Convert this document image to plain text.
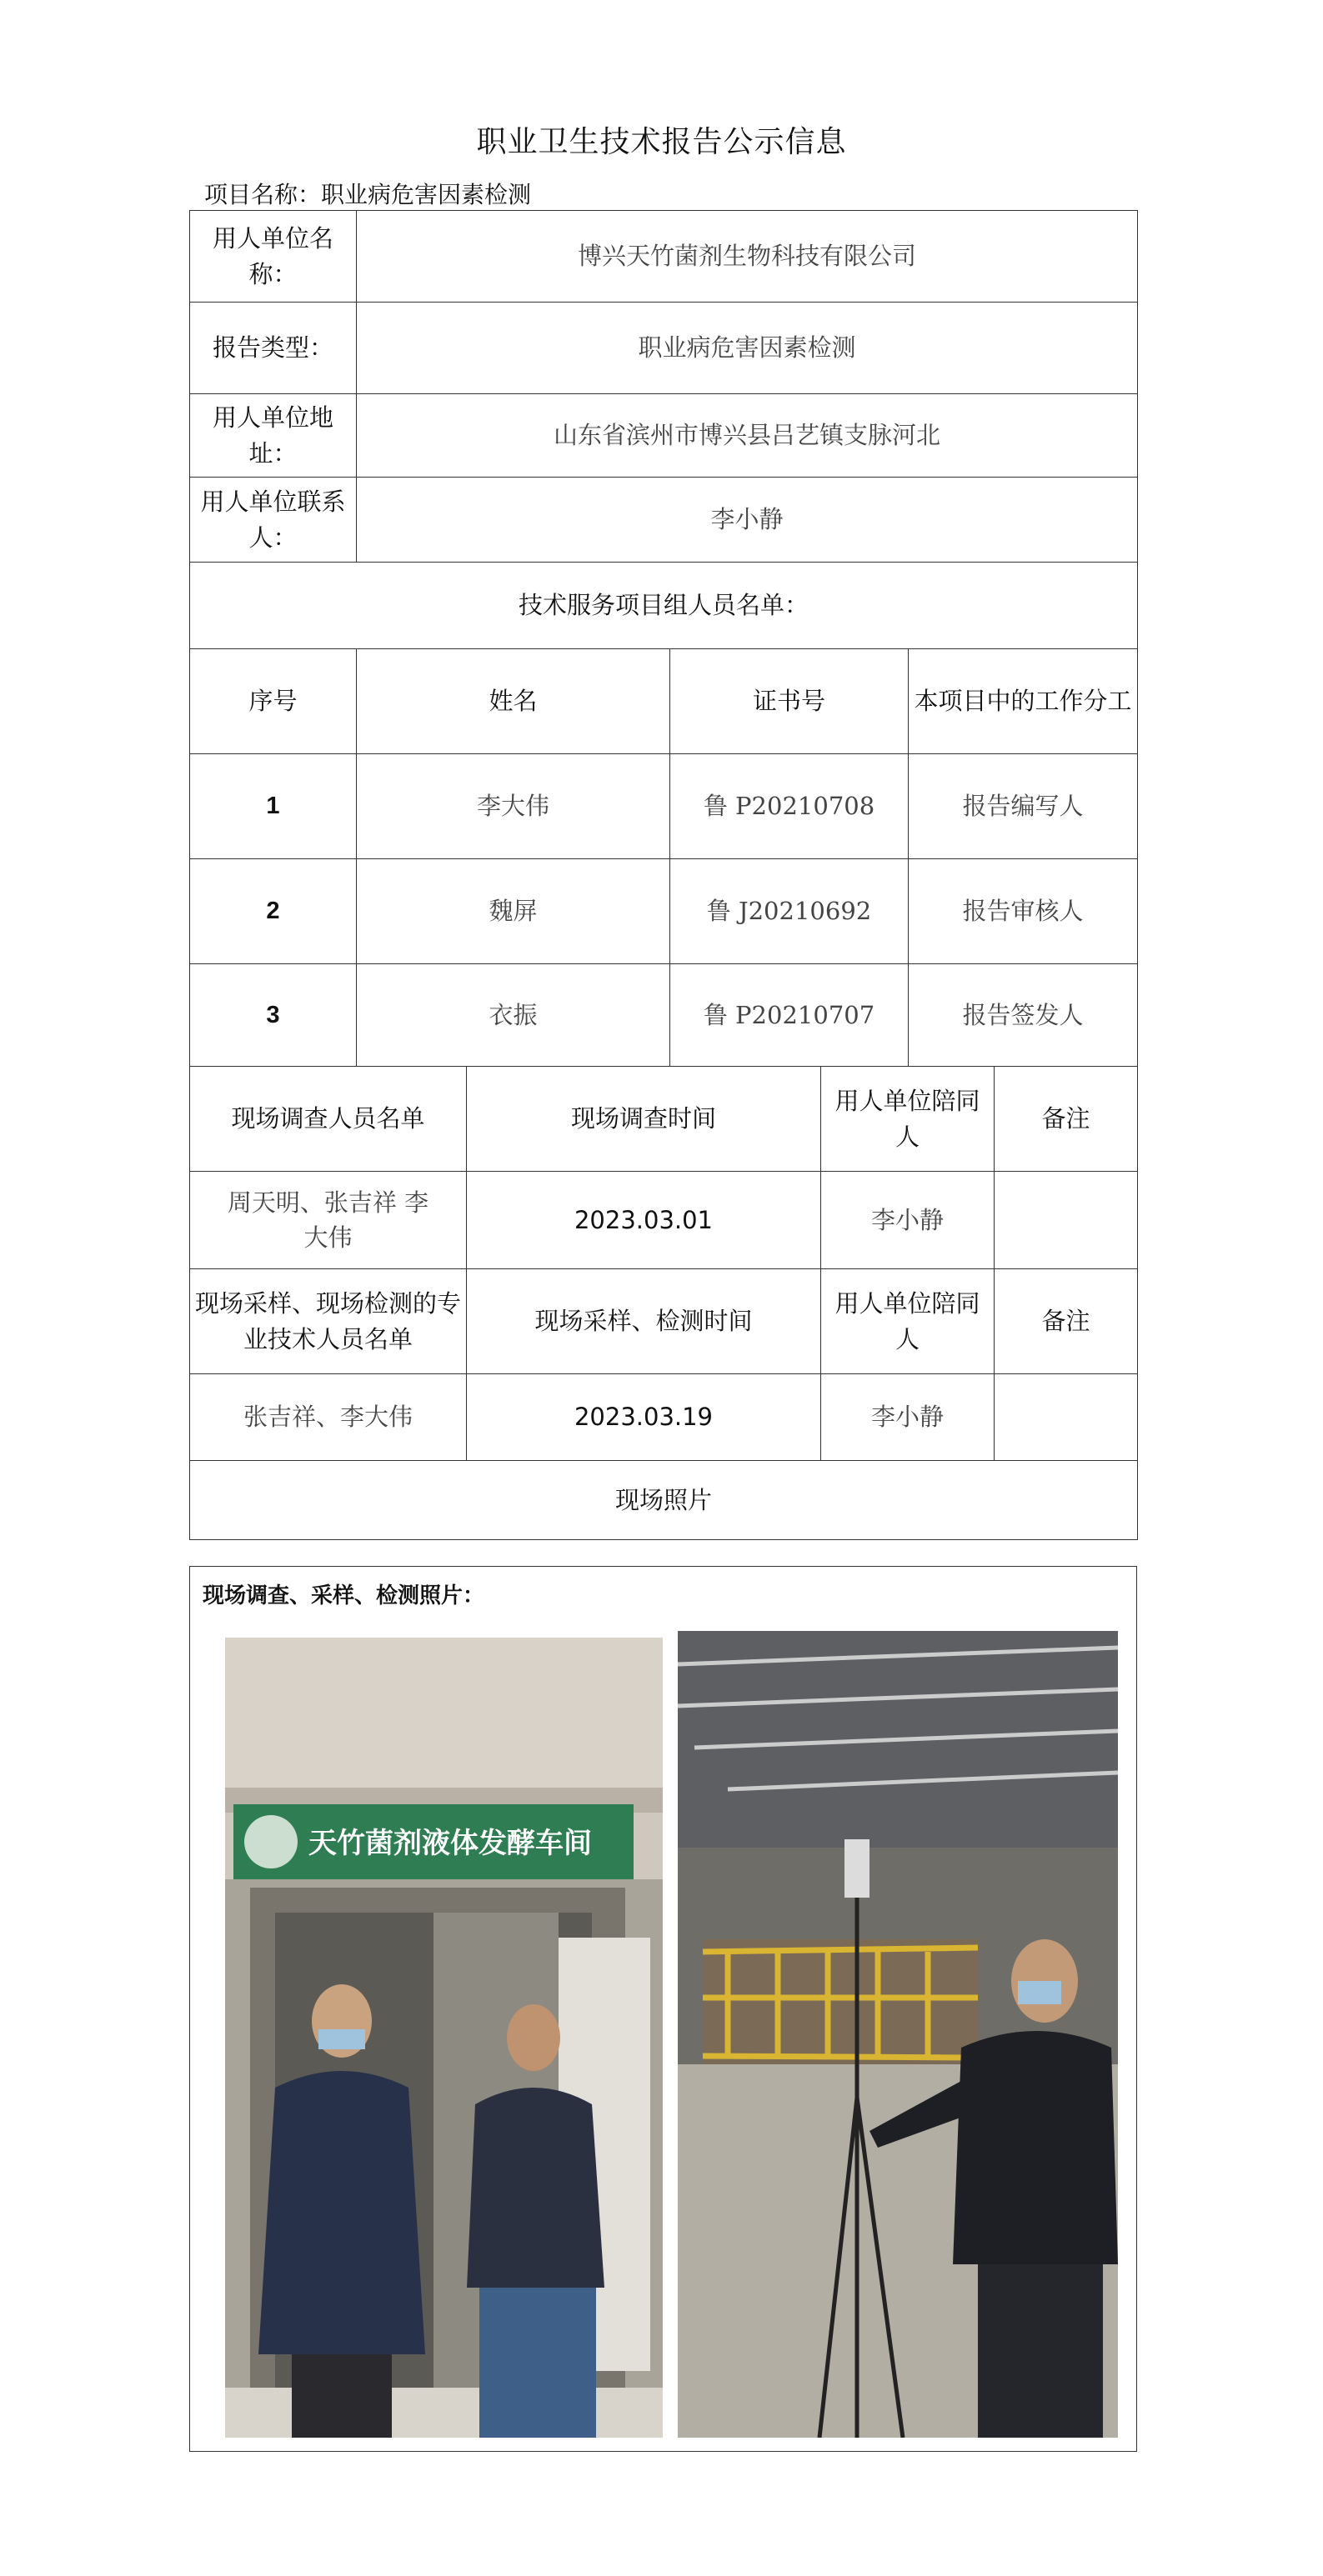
职业卫生技术报告公示信息
项目名称：职业病危害因素检测
用人单位名称：	博兴天竹菌剂生物科技有限公司		
报告类型：	职业病危害因素检测		
用人单位地址：	山东省滨州市博兴县吕艺镇支脉河北		
用人单位联系人：	李小静		
技术服务项目组人员名单：			
序号	姓名	证书号	本项目中的工作分工
1	李大伟	鲁 P20210708	报告编写人
2	魏屏	鲁 J20210692	报告审核人
3	衣振	鲁 P20210707	报告签发人
现场调查人员名单	现场调查时间	用人单位陪同人	备注
周天明、张吉祥 李大伟	2023.03.01	李小静	
现场采样、现场检测的专业技术人员名单	现场采样、检测时间	用人单位陪同人	备注
张吉祥、李大伟	2023.03.19	李小静	
现场照片			
现场调查、采样、检测照片：
天竹菌剂液体发酵车间
